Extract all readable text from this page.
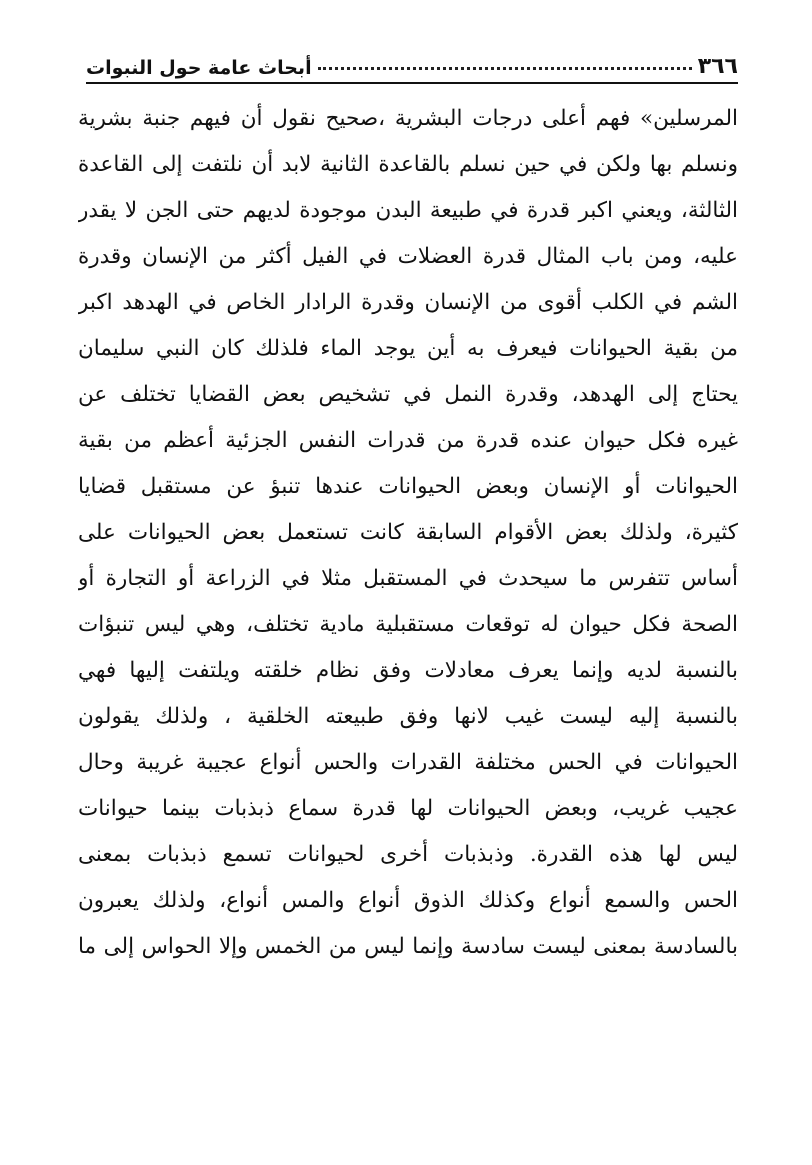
٣٦٦
أبحاث عامة حول النبوات
المرسلين» فهم أعلى درجات البشرية ،صحيح نقول أن فيهم جنبة بشرية
ونسلم بها ولكن في حين نسلم بالقاعدة الثانية لابد أن نلتفت إلى القاعدة
الثالثة، ويعني اكبر قدرة في طبيعة البدن موجودة لديهم حتى الجن لا يقدر
عليه، ومن باب المثال قدرة العضلات في الفيل أكثر من الإنسان وقدرة
الشم في الكلب أقوى من الإنسان وقدرة الرادار الخاص في الهدهد اكبر
من بقية الحيوانات فيعرف به أين يوجد الماء فلذلك كان النبي سليمان
يحتاج إلى الهدهد، وقدرة النمل في تشخيص بعض القضايا تختلف عن
غيره فكل حيوان عنده قدرة من قدرات النفس الجزئية أعظم من بقية
الحيوانات أو الإنسان وبعض الحيوانات عندها تنبؤ عن مستقبل قضايا
كثيرة، ولذلك بعض الأقوام السابقة كانت تستعمل بعض الحيوانات على
أساس تتفرس ما سيحدث في المستقبل مثلا في الزراعة أو التجارة أو
الصحة فكل حيوان له توقعات مستقبلية مادية تختلف، وهي ليس تنبؤات
بالنسبة لديه وإنما يعرف معادلات وفق نظام خلقته ويلتفت إليها فهي
بالنسبة إليه ليست غيب لانها وفق طبيعته الخلقية ، ولذلك يقولون
الحيوانات في الحس مختلفة القدرات والحس أنواع عجيبة غريبة وحال
عجيب غريب، وبعض الحيوانات لها قدرة سماع ذبذبات بينما حيوانات
ليس لها هذه القدرة. وذبذبات أخرى لحيوانات تسمع ذبذبات بمعنى
الحس والسمع أنواع وكذلك الذوق أنواع والمس أنواع، ولذلك يعبرون
بالسادسة بمعنى ليست سادسة وإنما ليس من الخمس وإلا الحواس إلى ما
